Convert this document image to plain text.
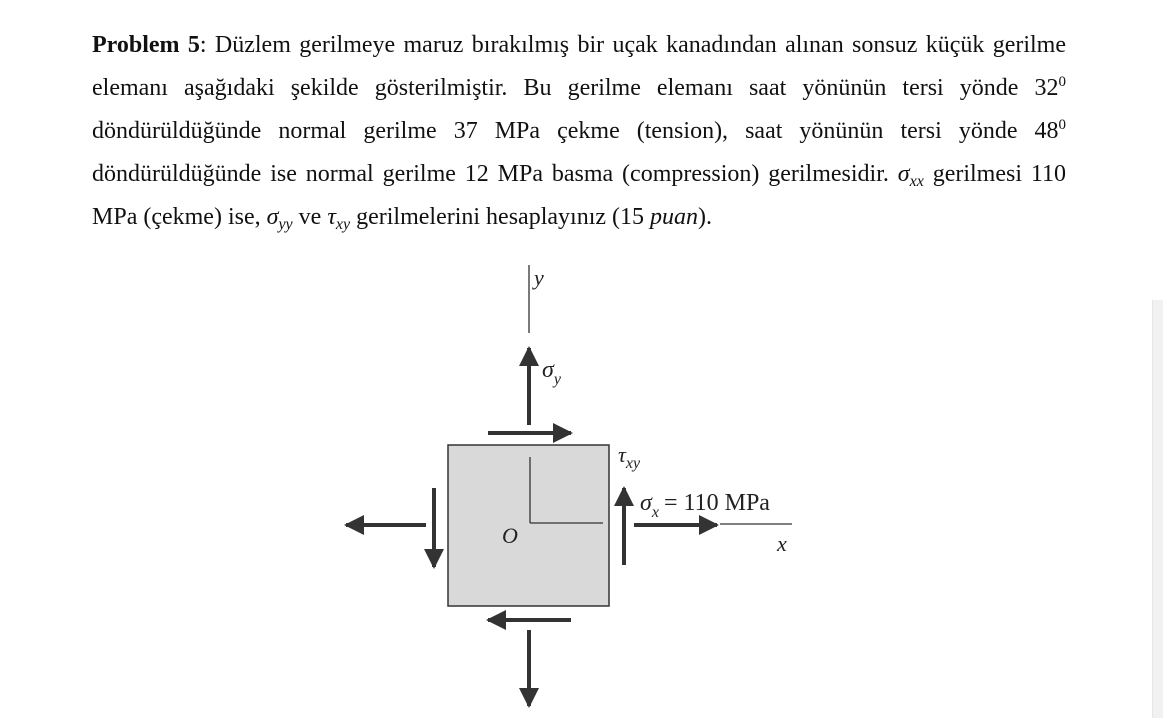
Problem 5: Düzlem gerilmeye maruz bırakılmış bir uçak kanadından alınan sonsuz küçük gerilme elemanı aşağıdaki şekilde gösterilmiştir. Bu gerilme elemanı saat yönünün tersi yönde $32^0$ döndürüldüğünde normal gerilme 37 MPa çekme (tension), saat yönünün tersi yönde $48^0$ döndürüldüğünde ise normal gerilme 12 MPa basma (compression) gerilmesidir. $\sigma_{xx}$ gerilmesi 110 MPa (çekme) ise, $\sigma_{yy}$ ve $\tau_{xy}$ gerilmelerini hesaplayınız (15 puan).

y
$\sigma_y$
O
$\tau_{xy}$
$\sigma_x = 110$ MPa
x
